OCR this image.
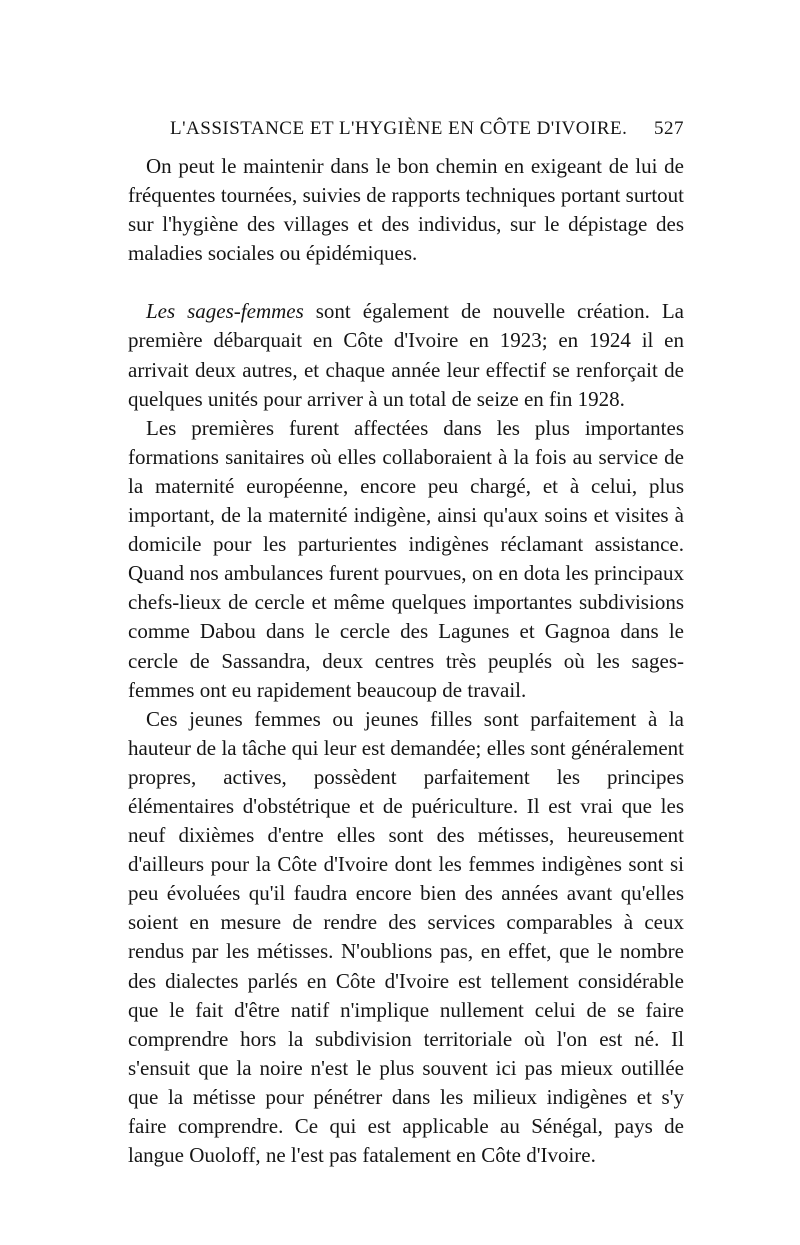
L'ASSISTANCE ET L'HYGIÈNE EN CÔTE D'IVOIRE. 527

On peut le maintenir dans le bon chemin en exigeant de lui de fréquentes tournées, suivies de rapports techniques portant surtout sur l'hygiène des villages et des individus, sur le dépistage des maladies sociales ou épidémiques.

Les sages-femmes sont également de nouvelle création. La première débarquait en Côte d'Ivoire en 1923; en 1924 il en arrivait deux autres, et chaque année leur effectif se renforçait de quelques unités pour arriver à un total de seize en fin 1928.

Les premières furent affectées dans les plus importantes formations sanitaires où elles collaboraient à la fois au service de la maternité européenne, encore peu chargé, et à celui, plus important, de la maternité indigène, ainsi qu'aux soins et visites à domicile pour les parturientes indigènes réclamant assistance. Quand nos ambulances furent pourvues, on en dota les principaux chefs-lieux de cercle et même quelques importantes subdivisions comme Dabou dans le cercle des Lagunes et Gagnoa dans le cercle de Sassandra, deux centres très peuplés où les sages-femmes ont eu rapidement beaucoup de travail.

Ces jeunes femmes ou jeunes filles sont parfaitement à la hauteur de la tâche qui leur est demandée; elles sont généralement propres, actives, possèdent parfaitement les principes élémentaires d'obstétrique et de puériculture. Il est vrai que les neuf dixièmes d'entre elles sont des métisses, heureusement d'ailleurs pour la Côte d'Ivoire dont les femmes indigènes sont si peu évoluées qu'il faudra encore bien des années avant qu'elles soient en mesure de rendre des services comparables à ceux rendus par les métisses. N'oublions pas, en effet, que le nombre des dialectes parlés en Côte d'Ivoire est tellement considérable que le fait d'être natif n'implique nullement celui de se faire comprendre hors la subdivision territoriale où l'on est né. Il s'ensuit que la noire n'est le plus souvent ici pas mieux outillée que la métisse pour pénétrer dans les milieux indigènes et s'y faire comprendre. Ce qui est applicable au Sénégal, pays de langue Ouoloff, ne l'est pas fatalement en Côte d'Ivoire.
